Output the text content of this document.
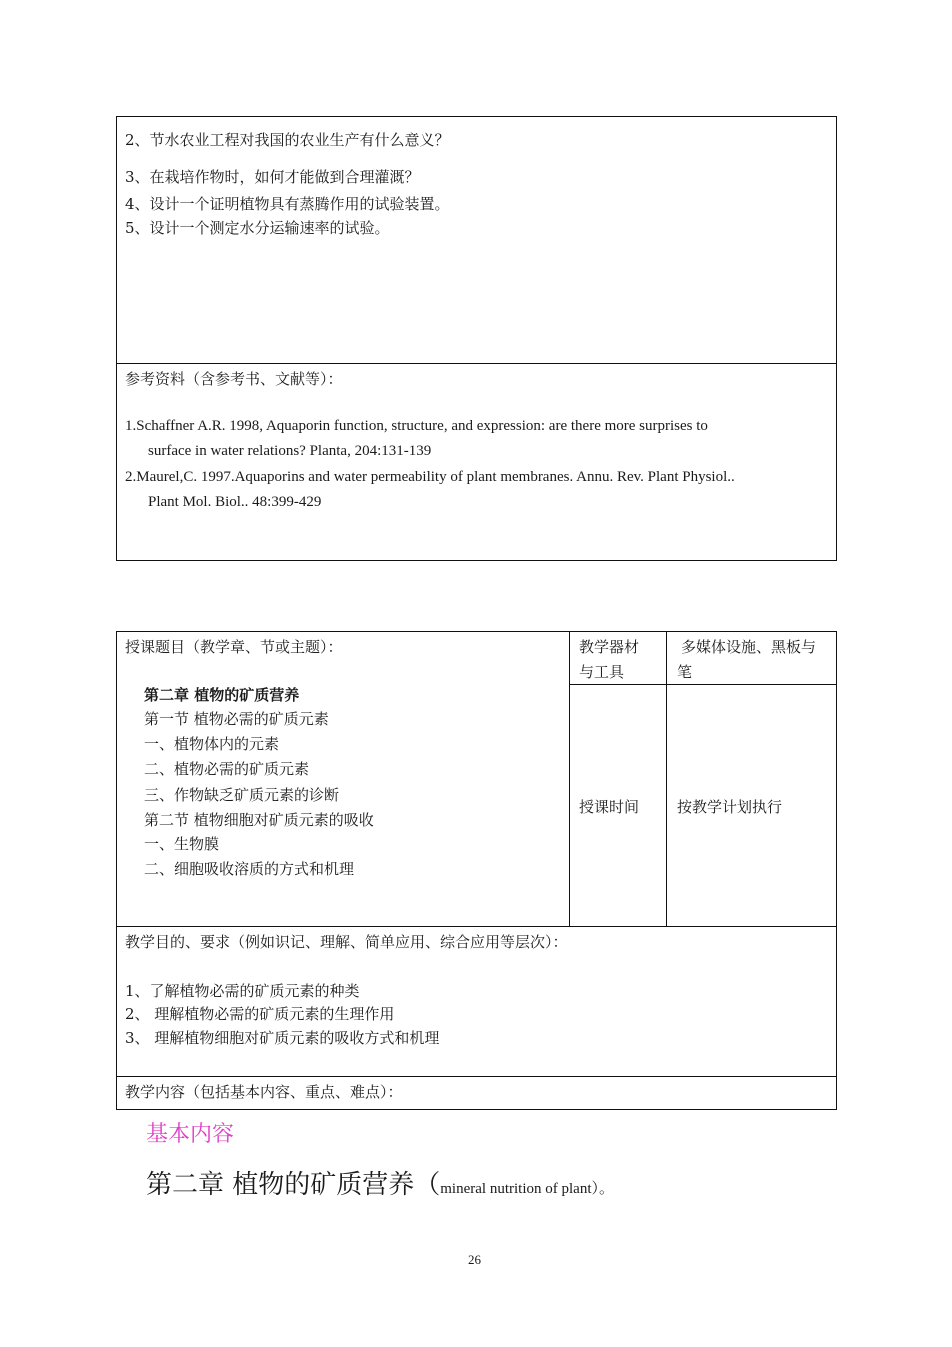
2、节水农业工程对我国的农业生产有什么意义？
3、在栽培作物时，如何才能做到合理灌溉？
4、设计一个证明植物具有蒸腾作用的试验装置。
5、设计一个测定水分运输速率的试验。
参考资料（含参考书、文献等）：
1.Schaffner A.R. 1998, Aquaporin function, structure, and expression: are there more surprises to
surface in water relations? Planta, 204:131-139
2.Maurel,C. 1997.Aquaporins and water permeability of plant membranes. Annu. Rev. Plant Physiol..
Plant Mol. Biol.. 48:399-429
授课题目（教学章、节或主题）：	教学器材
与工具
多媒体设施、黑板与
笔
第二章 植物的矿质营养
第一节 植物必需的矿质元素
一、植物体内的元素
二、植物必需的矿质元素
三、作物缺乏矿质元素的诊断
第二节 植物细胞对矿质元素的吸收
一、生物膜
二、细胞吸收溶质的方式和机理
授课时间	按教学计划执行
教学目的、要求（例如识记、理解、简单应用、综合应用等层次）：
1、了解植物必需的矿质元素的种类
2、 理解植物必需的矿质元素的生理作用
3、 理解植物细胞对矿质元素的吸收方式和机理
教学内容（包括基本内容、重点、难点）：
基本内容
第二章 植物的矿质营养（mineral nutrition of plant）。
26
